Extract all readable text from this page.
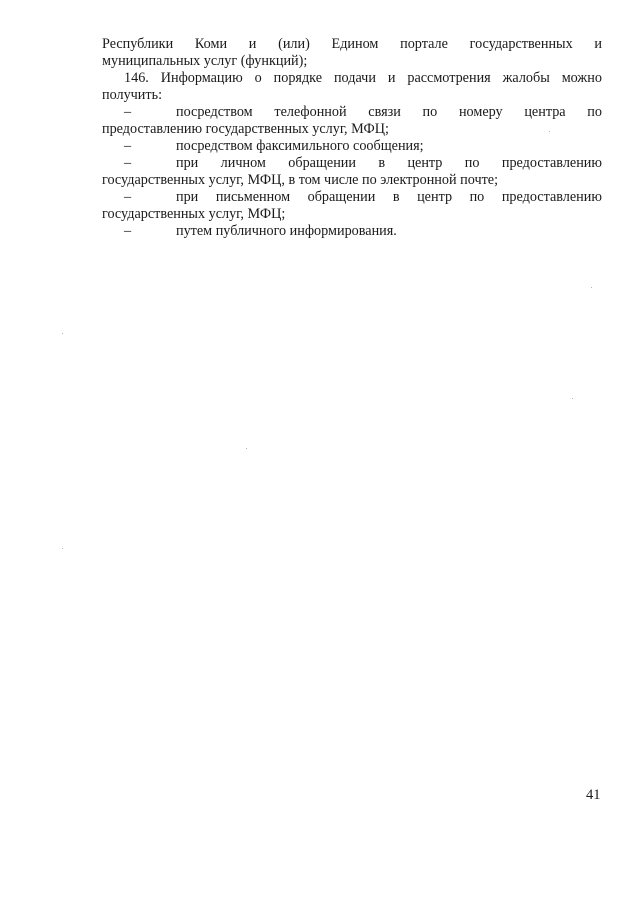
Республики Коми и (или) Едином портале государственных и
муниципальных услуг (функций);
146. Информацию о порядке подачи и рассмотрения жалобы можно
получить:
–	посредством телефонной связи по номеру центра по
предоставлению государственных услуг, МФЦ;
–	посредством факсимильного сообщения;
–	при личном обращении в центр по предоставлению
государственных услуг, МФЦ, в том числе по электронной почте;
–	при письменном обращении в центр по предоставлению
государственных услуг, МФЦ;
–	путем публичного информирования.
41
